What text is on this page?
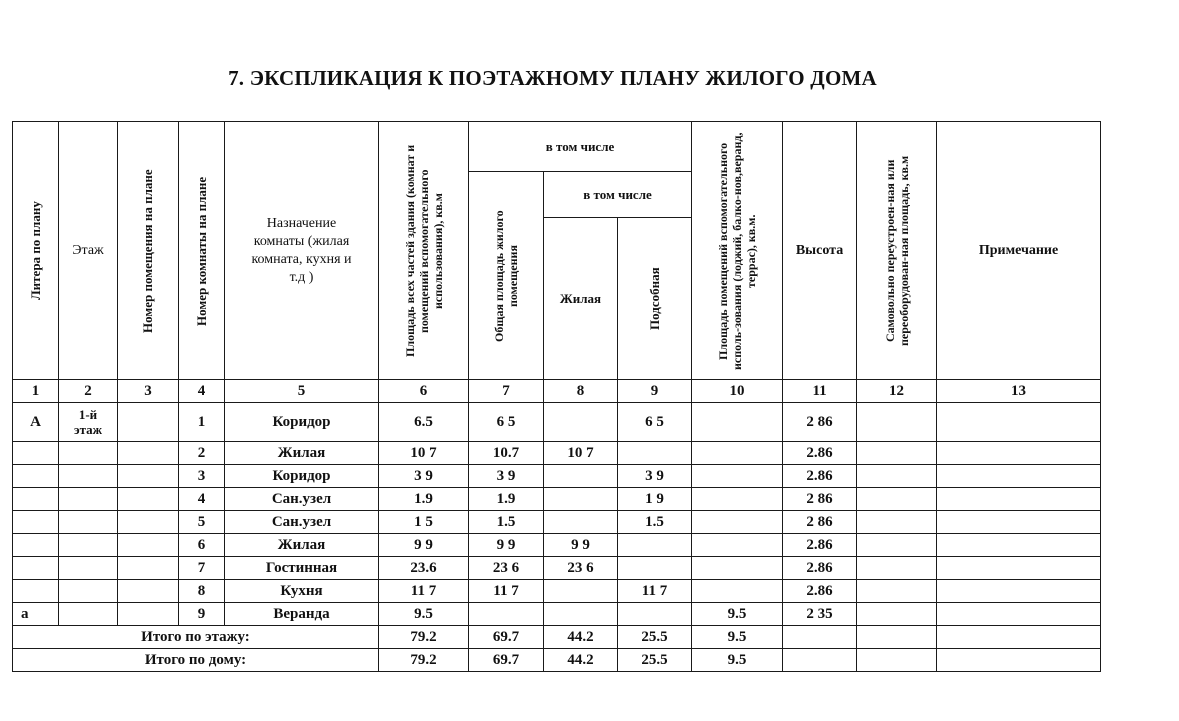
7. ЭКСПЛИКАЦИЯ К ПОЭТАЖНОМУ ПЛАНУ ЖИЛОГО ДОМА
Литера по плану	Этаж	Номер помещения на плане	Номер комнаты на плане	Назначение комнаты (жилая комната, кухня и т.д )	Площадь всех частей здания (комнат и помещений вспомогательного использования), кв.м	в том числе			Площадь помещений вспомогательного исполь-зования (лоджий, балко-нов,веранд, террас), кв.м.	Высота	Самовольно переустроен-ная или переоборудован-ная площадь, кв.м	Примечание

						Общая площадь жилого помещения	в том числе					

							Жилая	Подсобная				

1	2	3	4	5	6	7	8	9	10	11	12	13
А	1-й этаж		1	Коридор	6.5	6 5		6 5		2 86		
			2	Жилая	10 7	10.7	10 7			2.86		
			3	Коридор	3 9	3 9		3 9		2.86		
			4	Сан.узел	1.9	1.9		1 9		2 86		
			5	Сан.узел	1 5	1.5		1.5		2 86		
			6	Жилая	9 9	9 9	9 9			2.86		
			7	Гостинная	23.6	23 6	23 6			2.86		
			8	Кухня	11 7	11 7		11 7		2.86		
а			9	Веранда	9.5				9.5	2 35		
Итого по этажу:					79.2	69.7	44.2	25.5	9.5			
Итого по дому:					79.2	69.7	44.2	25.5	9.5			
